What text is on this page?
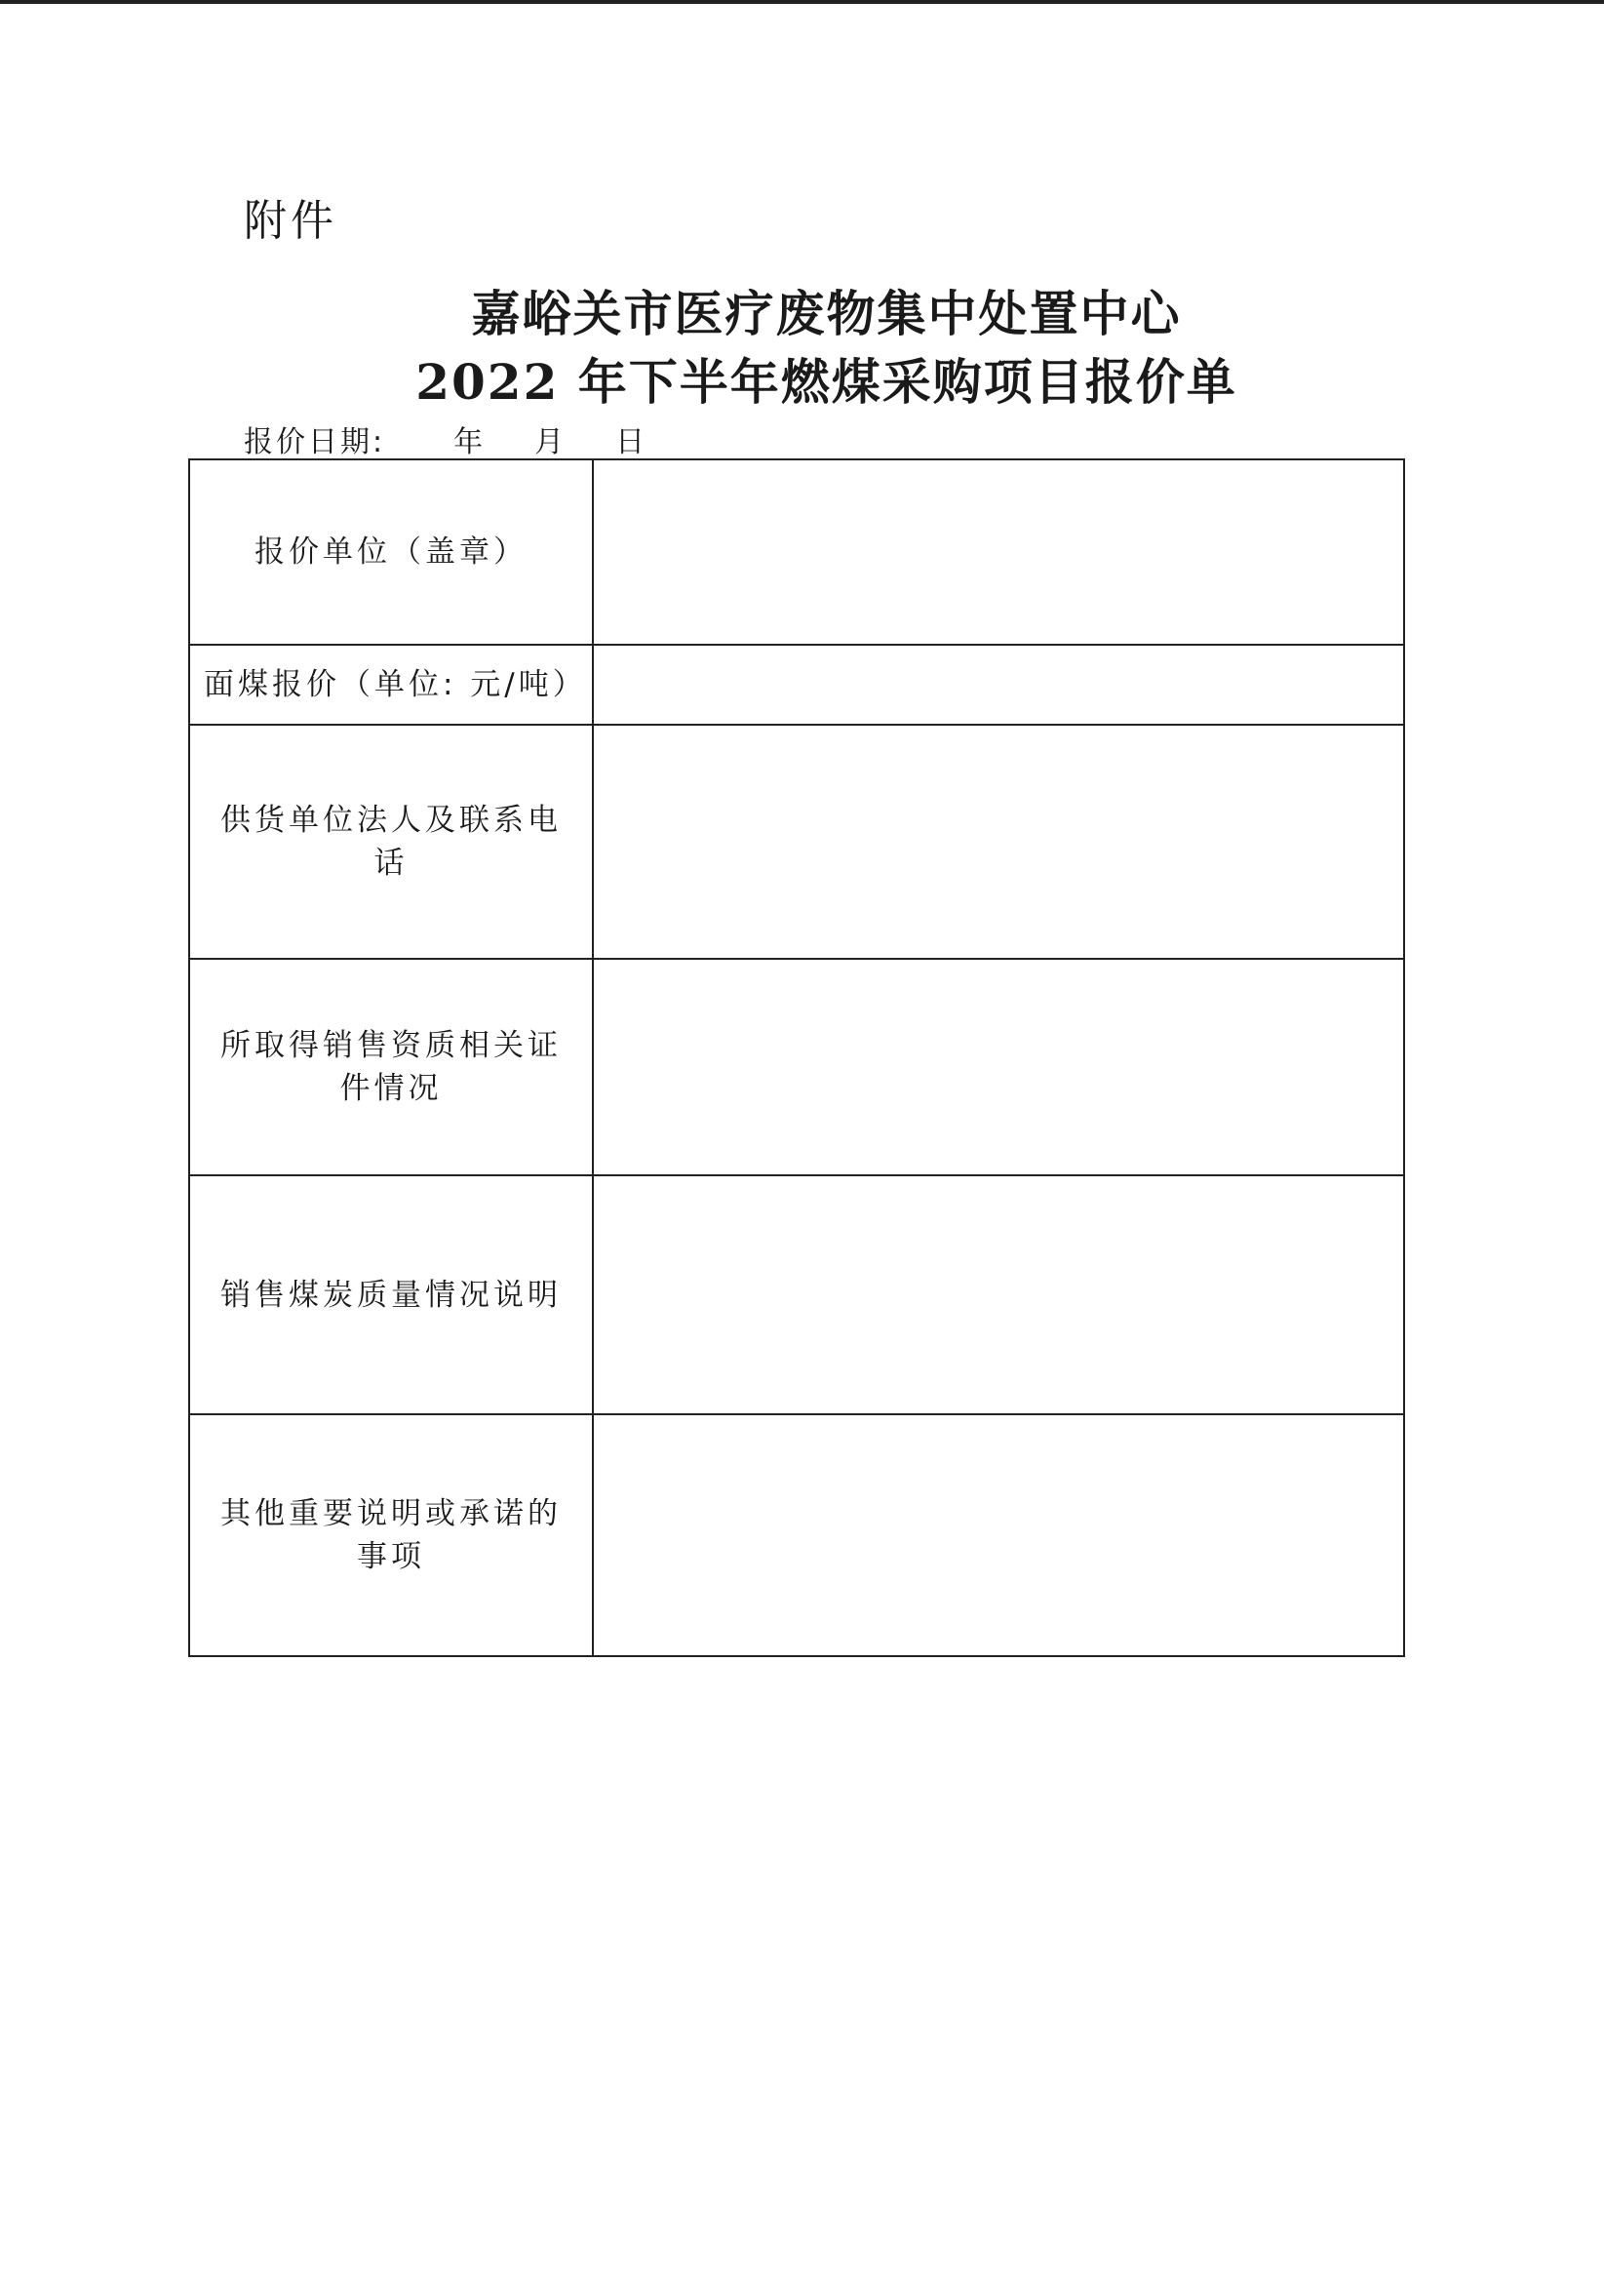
附件
嘉峪关市医疗废物集中处置中心
2022 年下半年燃煤采购项目报价单
报价日期: 年 月 日
报价单位（盖章）	
面煤报价（单位: 元/吨）	
供货单位法人及联系电话	
所取得销售资质相关证件情况	
销售煤炭质量情况说明	
其他重要说明或承诺的事项	
